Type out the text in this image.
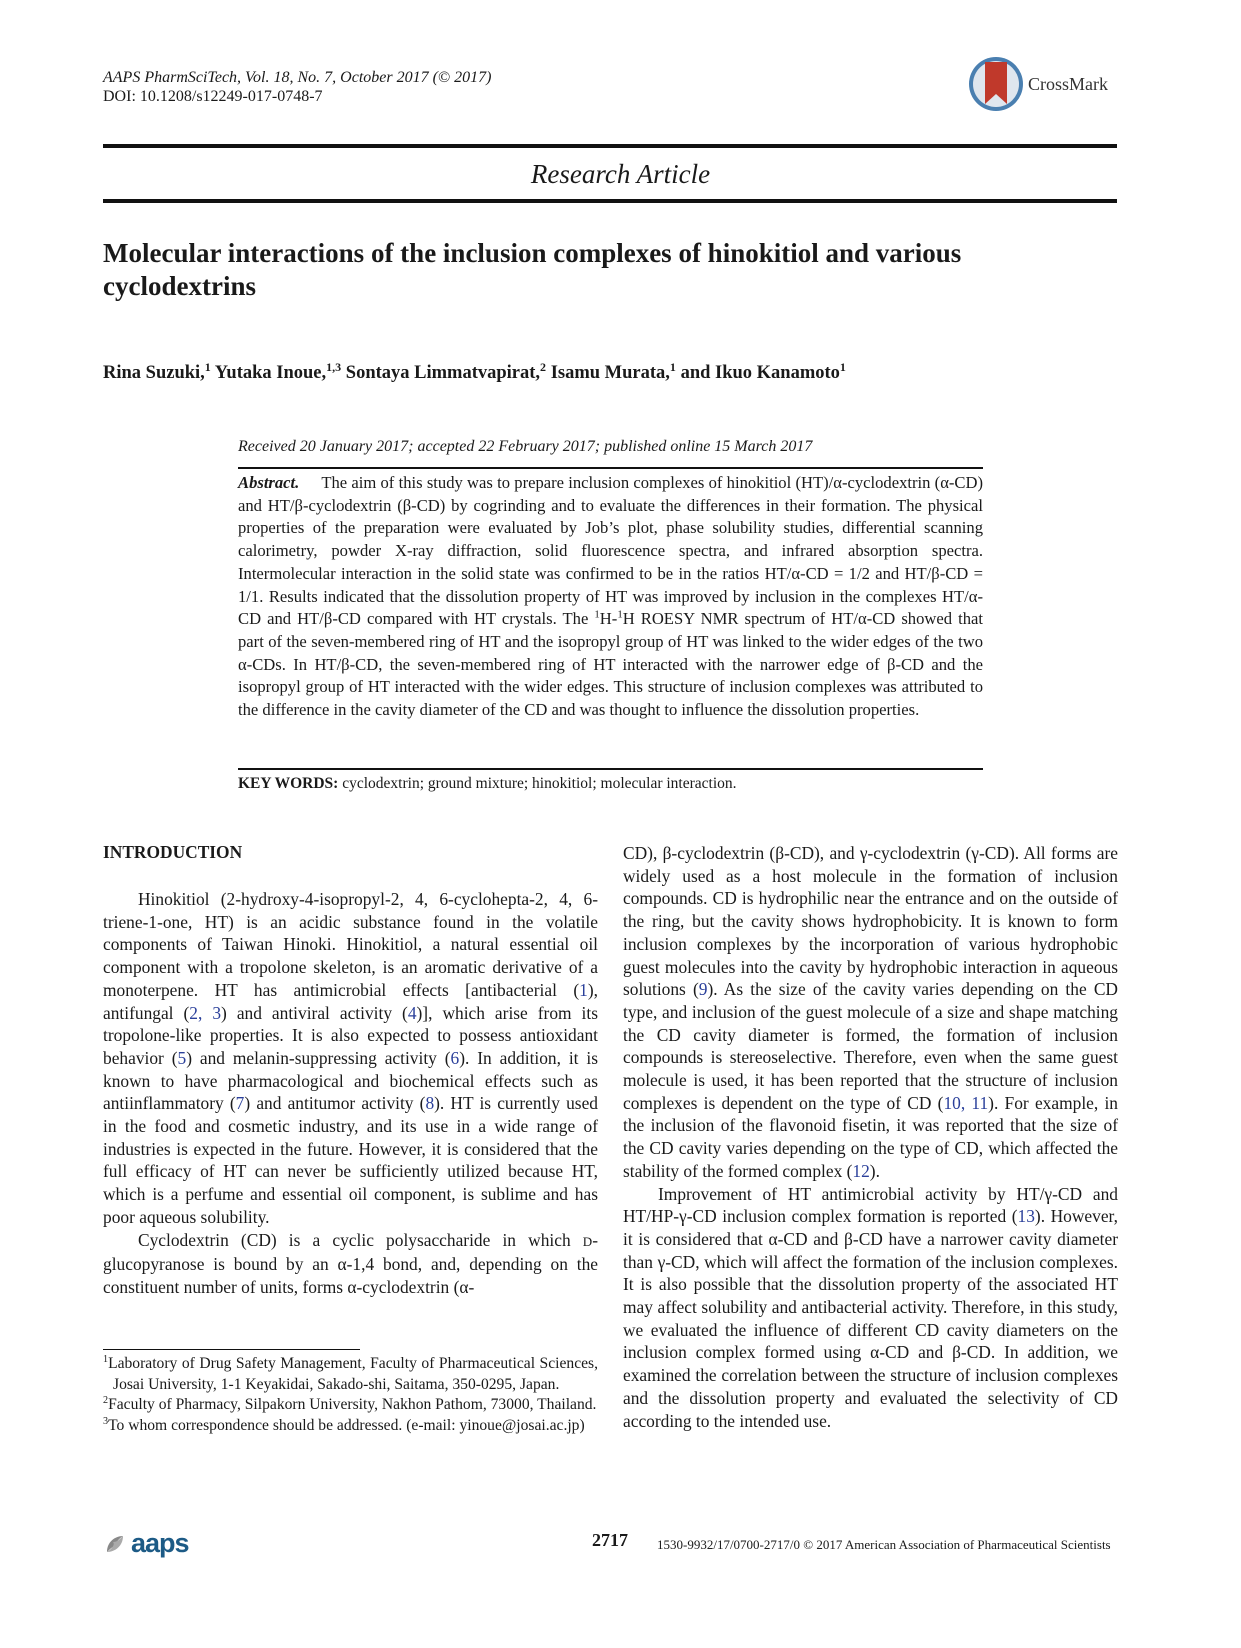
AAPS PharmSciTech, Vol. 18, No. 7, October 2017 (© 2017)
DOI: 10.1208/s12249-017-0748-7
CrossMark
Research Article
Molecular interactions of the inclusion complexes of hinokitiol and various cyclodextrins
Rina Suzuki,$^1$ Yutaka Inoue,$^{1,3}$ Sontaya Limmatvapirat,$^2$ Isamu Murata,$^1$ and Ikuo Kanamoto$^1$
Received 20 January 2017; accepted 22 February 2017; published online 15 March 2017
Abstract. The aim of this study was to prepare inclusion complexes of hinokitiol (HT)/α-cyclodextrin (α-CD) and HT/β-cyclodextrin (β-CD) by cogrinding and to evaluate the differences in their formation. The physical properties of the preparation were evaluated by Job’s plot, phase solubility studies, differential scanning calorimetry, powder X-ray diffraction, solid fluorescence spectra, and infrared absorption spectra. Intermolecular interaction in the solid state was confirmed to be in the ratios HT/α-CD = 1/2 and HT/β-CD = 1/1. Results indicated that the dissolution property of HT was improved by inclusion in the complexes HT/α-CD and HT/β-CD compared with HT crystals. The $^1$H-$^1$H ROESY NMR spectrum of HT/α-CD showed that part of the seven-membered ring of HT and the isopropyl group of HT was linked to the wider edges of the two α-CDs. In HT/β-CD, the seven-membered ring of HT interacted with the narrower edge of β-CD and the isopropyl group of HT interacted with the wider edges. This structure of inclusion complexes was attributed to the difference in the cavity diameter of the CD and was thought to influence the dissolution properties.
KEY WORDS: cyclodextrin; ground mixture; hinokitiol; molecular interaction.
INTRODUCTION

Hinokitiol (2-hydroxy-4-isopropyl-2, 4, 6-cyclohepta-2, 4, 6-triene-1-one, HT) is an acidic substance found in the volatile components of Taiwan Hinoki. Hinokitiol, a natural essential oil component with a tropolone skeleton, is an aromatic derivative of a monoterpene. HT has antimicrobial effects [antibacterial (1), antifungal (2, 3) and antiviral activity (4)], which arise from its tropolone-like properties. It is also expected to possess antioxidant behavior (5) and melanin-suppressing activity (6). In addition, it is known to have pharmacological and biochemical effects such as antiinflammatory (7) and antitumor activity (8). HT is currently used in the food and cosmetic industry, and its use in a wide range of industries is expected in the future. However, it is considered that the full efficacy of HT can never be sufficiently utilized because HT, which is a perfume and essential oil component, is sublime and has poor aqueous solubility.

Cyclodextrin (CD) is a cyclic polysaccharide in which D-glucopyranose is bound by an α-1,4 bond, and, depending on the constituent number of units, forms α-cyclodextrin (α-

CD), β-cyclodextrin (β-CD), and γ-cyclodextrin (γ-CD). All forms are widely used as a host molecule in the formation of inclusion compounds. CD is hydrophilic near the entrance and on the outside of the ring, but the cavity shows hydrophobicity. It is known to form inclusion complexes by the incorporation of various hydrophobic guest molecules into the cavity by hydrophobic interaction in aqueous solutions (9). As the size of the cavity varies depending on the CD type, and inclusion of the guest molecule of a size and shape matching the CD cavity diameter is formed, the formation of inclusion compounds is stereoselective. Therefore, even when the same guest molecule is used, it has been reported that the structure of inclusion complexes is dependent on the type of CD (10, 11). For example, in the inclusion of the flavonoid fisetin, it was reported that the size of the CD cavity varies depending on the type of CD, which affected the stability of the formed complex (12).

Improvement of HT antimicrobial activity by HT/γ-CD and HT/HP-γ-CD inclusion complex formation is reported (13). However, it is considered that α-CD and β-CD have a narrower cavity diameter than γ-CD, which will affect the formation of the inclusion complexes. It is also possible that the dissolution property of the associated HT may affect solubility and antibacterial activity. Therefore, in this study, we evaluated the influence of different CD cavity diameters on the inclusion complex formed using α-CD and β-CD. In addition, we examined the correlation between the structure of inclusion complexes and the dissolution property and evaluated the selectivity of CD according to the intended use.

$^1$Laboratory of Drug Safety Management, Faculty of Pharmaceutical Sciences, Josai University, 1-1 Keyakidai, Sakado-shi, Saitama, 350-0295, Japan.
$^2$Faculty of Pharmacy, Silpakorn University, Nakhon Pathom, 73000, Thailand.
$^3$To whom correspondence should be addressed. (e-mail: yinoue@josai.ac.jp)
aaps	2717 1530-9932/17/0700-2717/0 © 2017 American Association of Pharmaceutical Scientists
